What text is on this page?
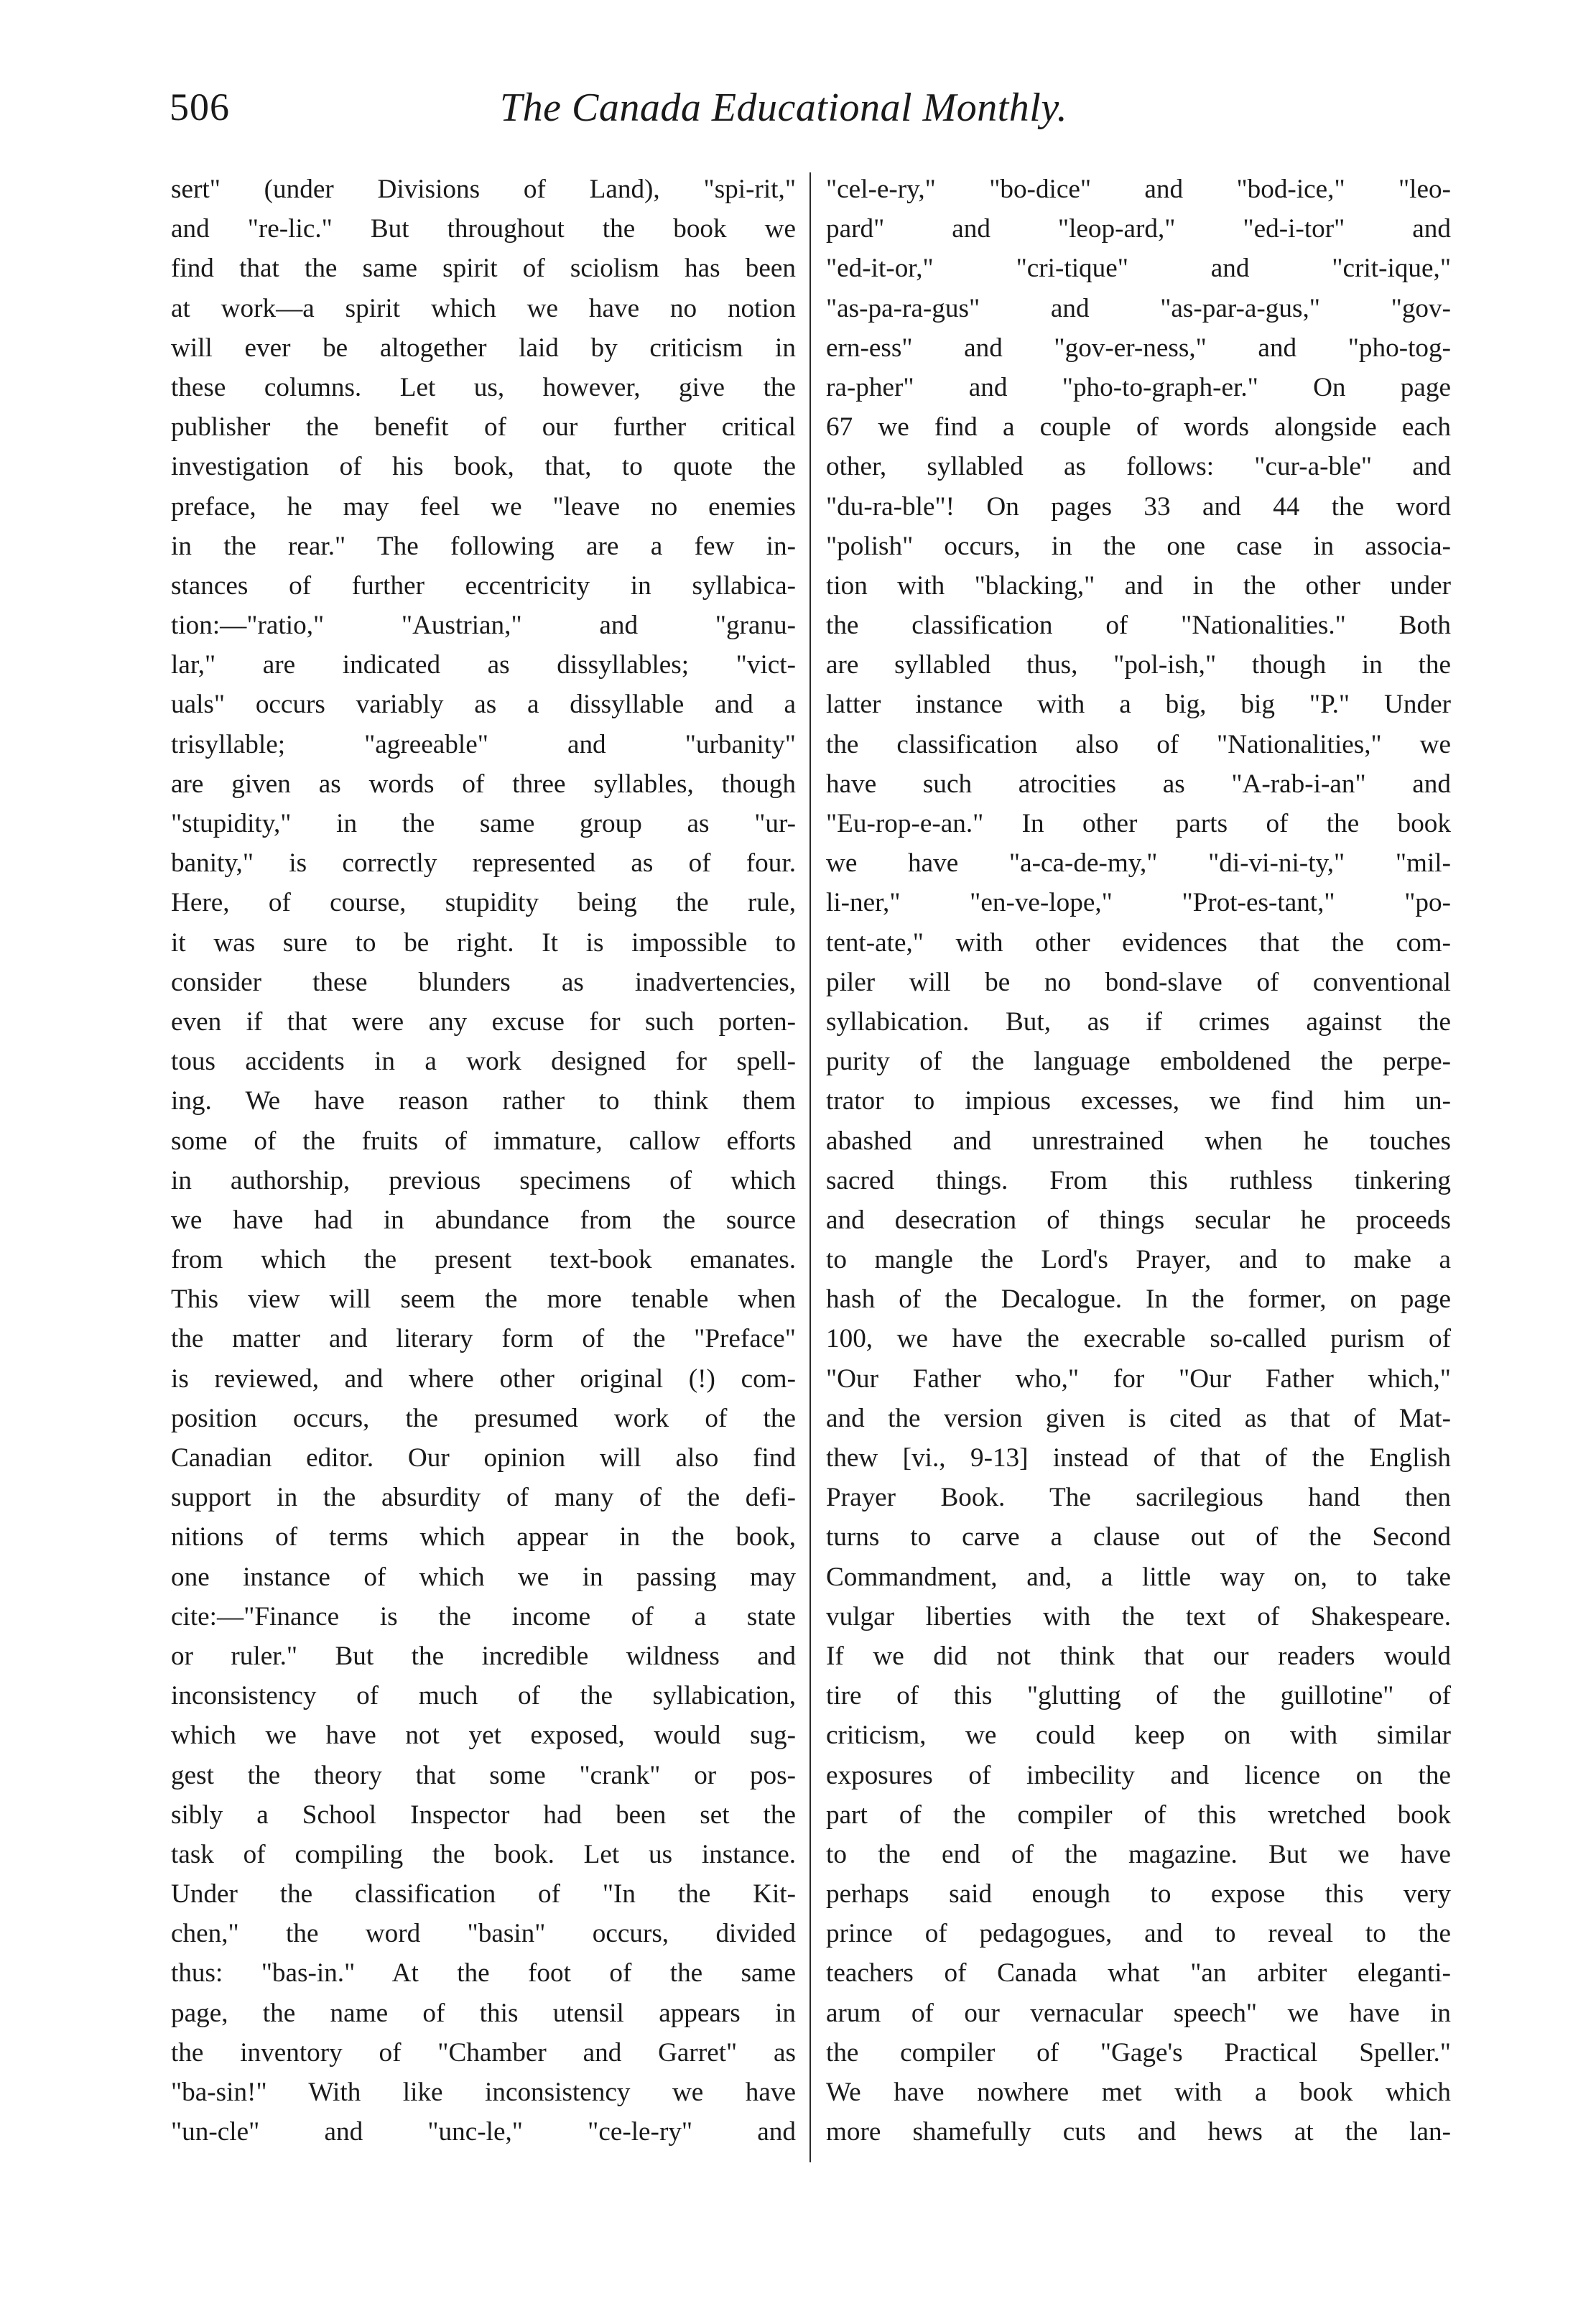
506	The Canada Educational Monthly.
sert" (under Divisions of Land), "spi-rit,"
and "re-lic." But throughout the book we
find that the same spirit of sciolism has been
at work—a spirit which we have no notion
will ever be altogether laid by criticism in
these columns. Let us, however, give the
publisher the benefit of our further critical
investigation of his book, that, to quote the
preface, he may feel we "leave no enemies
in the rear." The following are a few in-
stances of further eccentricity in syllabica-
tion:—"ratio," "Austrian," and "granu-
lar," are indicated as dissyllables; "vict-
uals" occurs variably as a dissyllable and a
trisyllable; "agreeable" and "urbanity"
are given as words of three syllables, though
"stupidity," in the same group as "ur-
banity," is correctly represented as of four.
Here, of course, stupidity being the rule,
it was sure to be right. It is impossible to
consider these blunders as inadvertencies,
even if that were any excuse for such porten-
tous accidents in a work designed for spell-
ing. We have reason rather to think them
some of the fruits of immature, callow efforts
in authorship, previous specimens of which
we have had in abundance from the source
from which the present text-book emanates.
This view will seem the more tenable when
the matter and literary form of the "Preface"
is reviewed, and where other original (!) com-
position occurs, the presumed work of the
Canadian editor. Our opinion will also find
support in the absurdity of many of the defi-
nitions of terms which appear in the book,
one instance of which we in passing may
cite:—"Finance is the income of a state
or ruler." But the incredible wildness and
inconsistency of much of the syllabication,
which we have not yet exposed, would sug-
gest the theory that some "crank" or pos-
sibly a School Inspector had been set the
task of compiling the book. Let us instance.
Under the classification of "In the Kit-
chen," the word "basin" occurs, divided
thus: "bas-in." At the foot of the same
page, the name of this utensil appears in
the inventory of "Chamber and Garret" as
"ba-sin!" With like inconsistency we have
"un-cle" and "unc-le," "ce-le-ry" and
"cel-e-ry," "bo-dice" and "bod-ice," "leo-
pard" and "leop-ard," "ed-i-tor" and
"ed-it-or," "cri-tique" and "crit-ique,"
"as-pa-ra-gus" and "as-par-a-gus," "gov-
ern-ess" and "gov-er-ness," and "pho-tog-
ra-pher" and "pho-to-graph-er." On page
67 we find a couple of words alongside each
other, syllabled as follows: "cur-a-ble" and
"du-ra-ble"! On pages 33 and 44 the word
"polish" occurs, in the one case in associa-
tion with "blacking," and in the other under
the classification of "Nationalities." Both
are syllabled thus, "pol-ish," though in the
latter instance with a big, big "P." Under
the classification also of "Nationalities," we
have such atrocities as "A-rab-i-an" and
"Eu-rop-e-an." In other parts of the book
we have "a-ca-de-my," "di-vi-ni-ty," "mil-
li-ner," "en-ve-lope," "Prot-es-tant," "po-
tent-ate," with other evidences that the com-
piler will be no bond-slave of conventional
syllabication. But, as if crimes against the
purity of the language emboldened the perpe-
trator to impious excesses, we find him un-
abashed and unrestrained when he touches
sacred things. From this ruthless tinkering
and desecration of things secular he proceeds
to mangle the Lord's Prayer, and to make a
hash of the Decalogue. In the former, on page
100, we have the execrable so-called purism of
"Our Father who," for "Our Father which,"
and the version given is cited as that of Mat-
thew [vi., 9-13] instead of that of the English
Prayer Book. The sacrilegious hand then
turns to carve a clause out of the Second
Commandment, and, a little way on, to take
vulgar liberties with the text of Shakespeare.
If we did not think that our readers would
tire of this "glutting of the guillotine" of
criticism, we could keep on with similar
exposures of imbecility and licence on the
part of the compiler of this wretched book
to the end of the magazine. But we have
perhaps said enough to expose this very
prince of pedagogues, and to reveal to the
teachers of Canada what "an arbiter eleganti-
arum of our vernacular speech" we have in
the compiler of "Gage's Practical Speller."
We have nowhere met with a book which
more shamefully cuts and hews at the lan-
